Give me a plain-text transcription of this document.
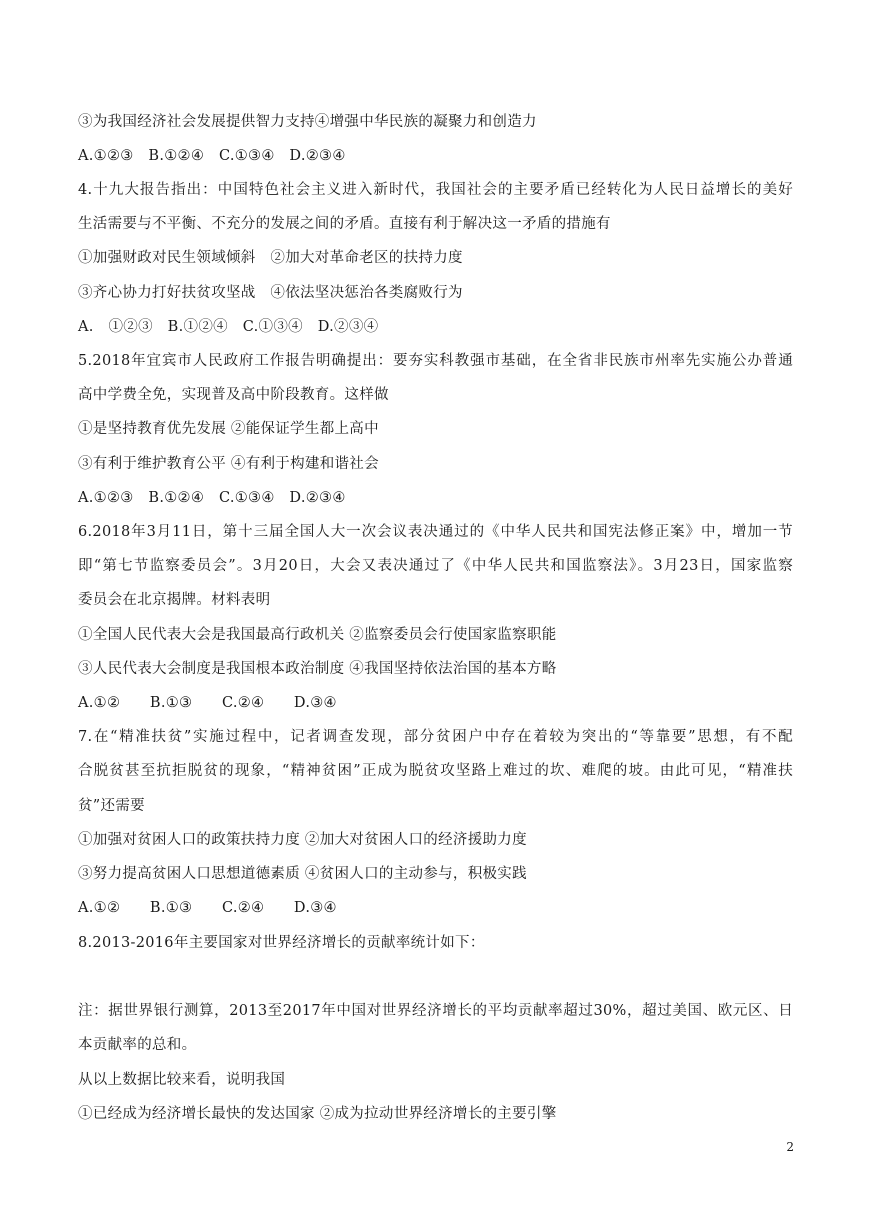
③为我国经济社会发展提供智力支持④增强中华民族的凝聚力和创造力
A.①②③　B.①②④　C.①③④　D.②③④
4.十九大报告指出：中国特色社会主义进入新时代，我国社会的主要矛盾已经转化为人民日益增长的美好
生活需要与不平衡、不充分的发展之间的矛盾。直接有利于解决这一矛盾的措施有
①加强财政对民生领域倾斜　②加大对革命老区的扶持力度
③齐心协力打好扶贫攻坚战　④依法坚决惩治各类腐败行为
A.　①②③　B.①②④　C.①③④　D.②③④
5.2018年宜宾市人民政府工作报告明确提出：要夯实科教强市基础，在全省非民族市州率先实施公办普通
高中学费全免，实现普及高中阶段教育。这样做
①是坚持教育优先发展 ②能保证学生都上高中
③有利于维护教育公平 ④有利于构建和谐社会
A.①②③　B.①②④　C.①③④　D.②③④
6.2018年3月11日，第十三届全国人大一次会议表决通过的《中华人民共和国宪法修正案》中，增加一节
即“第七节监察委员会”。3月20日，大会又表决通过了《中华人民共和国监察法》。3月23日，国家监察
委员会在北京揭牌。材料表明
①全国人民代表大会是我国最高行政机关 ②监察委员会行使国家监察职能
③人民代表大会制度是我国根本政治制度 ④我国坚持依法治国的基本方略
A.①②　　B.①③　　C.②④　　D.③④
7.在“精准扶贫”实施过程中，记者调查发现，部分贫困户中存在着较为突出的“等靠要”思想，有不配
合脱贫甚至抗拒脱贫的现象，“精神贫困”正成为脱贫攻坚路上难过的坎、难爬的坡。由此可见，“精准扶
贫”还需要
①加强对贫困人口的政策扶持力度 ②加大对贫困人口的经济援助力度
③努力提高贫困人口思想道德素质 ④贫困人口的主动参与，积极实践
A.①②　　B.①③　　C.②④　　D.③④
8.2013-2016年主要国家对世界经济增长的贡献率统计如下：
注：据世界银行测算，2013至2017年中国对世界经济增长的平均贡献率超过30%，超过美国、欧元区、日
本贡献率的总和。
从以上数据比较来看，说明我国
①已经成为经济增长最快的发达国家 ②成为拉动世界经济增长的主要引擎
2
